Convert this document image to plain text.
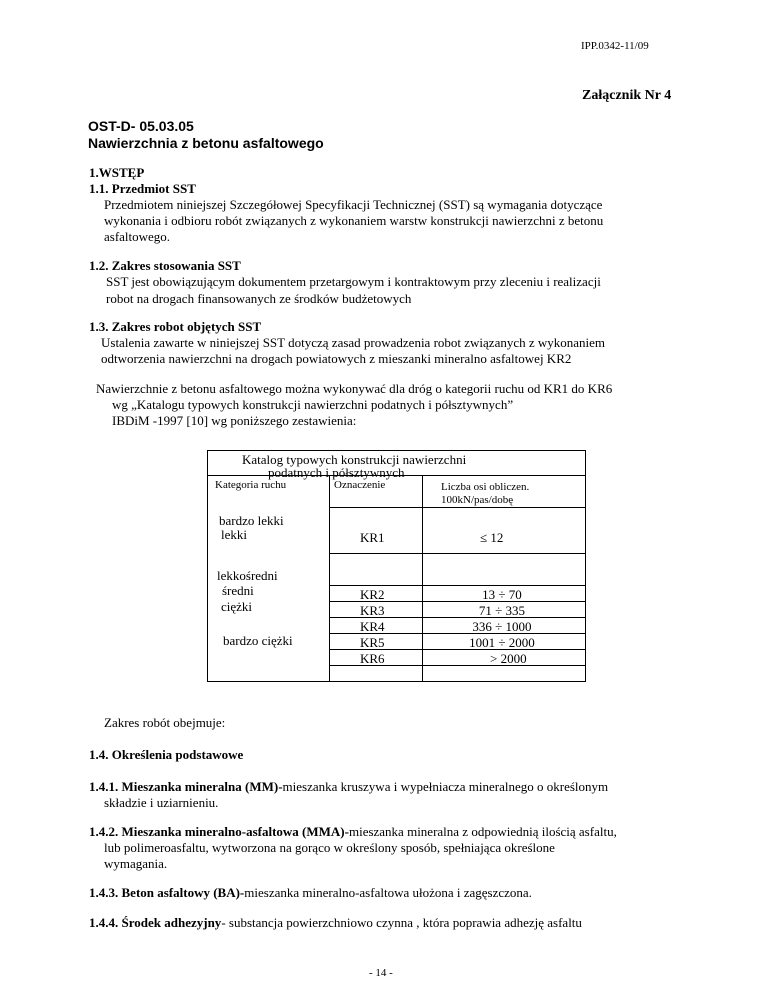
IPP.0342-11/09
Załącznik Nr 4
OST-D- 05.03.05
Nawierzchnia z betonu asfaltowego
1.WSTĘP
1.1. Przedmiot SST
Przedmiotem niniejszej Szczegółowej Specyfikacji Technicznej (SST) są wymagania dotyczące
wykonania i odbioru robót związanych z wykonaniem warstw konstrukcji nawierzchni z betonu
asfaltowego.
1.2. Zakres stosowania SST
SST jest obowiązującym dokumentem przetargowym i kontraktowym przy zleceniu i realizacji
robot na drogach finansowanych ze środków budżetowych
1.3. Zakres robot objętych SST
Ustalenia zawarte w niniejszej SST dotyczą zasad prowadzenia robot związanych z wykonaniem
odtworzenia nawierzchni na drogach powiatowych z mieszanki mineralno asfaltowej KR2
Nawierzchnie z betonu asfaltowego można wykonywać dla dróg o kategorii ruchu od KR1 do KR6
wg „Katalogu typowych konstrukcji nawierzchni podatnych i półsztywnych”
IBDiM -1997 [10] wg poniższego zestawienia:
Katalog typowych konstrukcji nawierzchni
podatnych i półsztywnych
Kategoria ruchu	Oznaczenie	Liczba osi obliczen.
100kN/pas/dobę
bardzo lekki
lekki
lekkośredni
średni
ciężki
bardzo ciężki
KR1
KR2
KR3
KR4
KR5
KR6
≤ 12
13 ÷ 70
71 ÷ 335
336 ÷ 1000
1001 ÷ 2000
> 2000
Zakres robót obejmuje:
1.4. Określenia podstawowe
1.4.1. Mieszanka mineralna (MM)-mieszanka kruszywa i wypełniacza mineralnego o określonym
składzie i uziarnieniu.
1.4.2. Mieszanka mineralno-asfaltowa (MMA)-mieszanka mineralna z odpowiednią ilością asfaltu,
lub polimeroasfaltu, wytworzona na gorąco w określony sposób, spełniająca określone
wymagania.
1.4.3. Beton asfaltowy (BA)-mieszanka mineralno-asfaltowa ułożona i zagęszczona.
1.4.4. Środek adhezyjny- substancja powierzchniowo czynna , która poprawia adhezję asfaltu
- 14 -
